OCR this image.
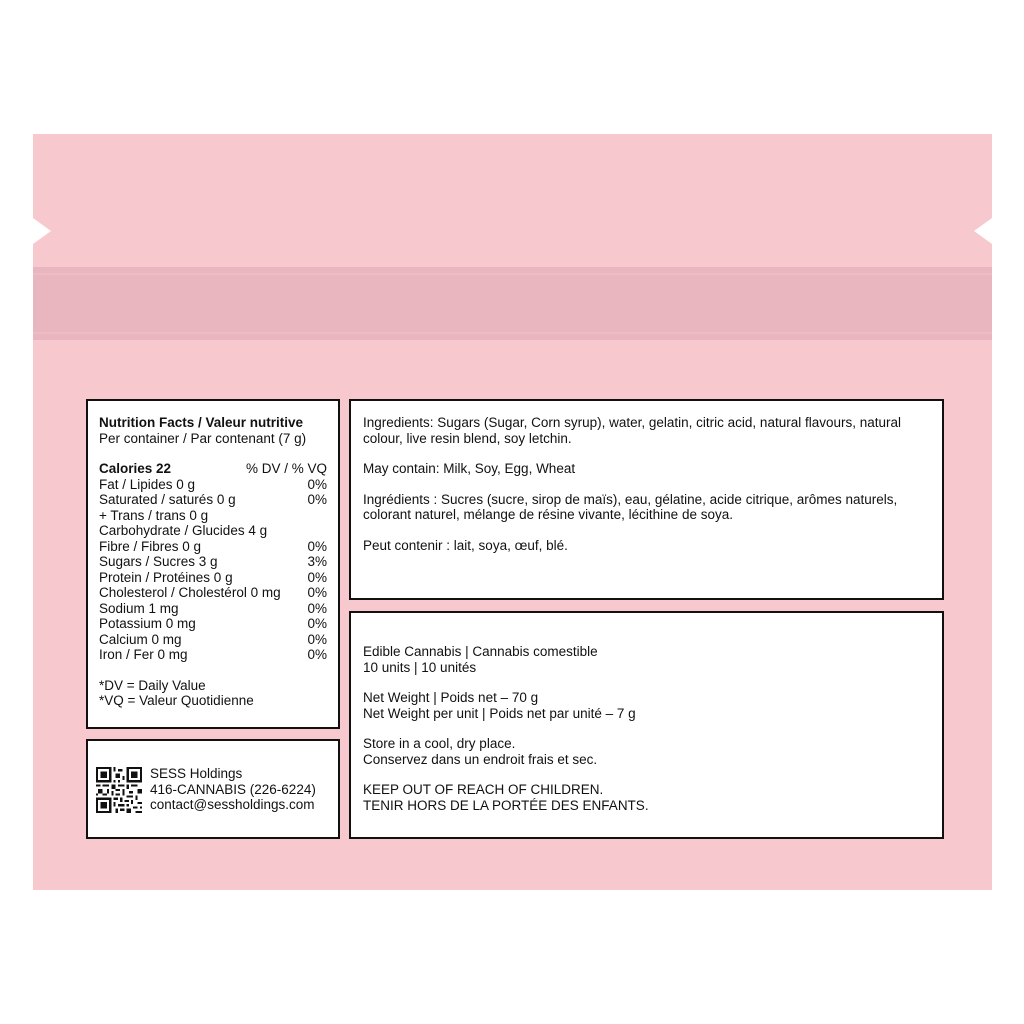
Nutrition Facts / Valeur nutritive
Per container / Par contenant (7 g)
Calories 22	% DV / % VQ
Fat / Lipides 0 g	0%
Saturated / saturés 0 g	0%
+ Trans / trans 0 g
Carbohydrate / Glucides 4 g
Fibre / Fibres 0 g	0%
Sugars / Sucres 3 g	3%
Protein / Protéines 0 g	0%
Cholesterol / Cholestérol 0 mg 0%
Sodium 1 mg	0%
Potassium 0 mg	0%
Calcium 0 mg	0%
Iron / Fer 0 mg	0%
*DV = Daily Value
*VQ = Valeur Quotidienne
SESS Holdings
416-CANNABIS (226-6224)
contact@sessholdings.com
Ingredients: Sugars (Sugar, Corn syrup), water, gelatin, citric acid, natural flavours, natural
colour, live resin blend, soy letchin.
May contain: Milk, Soy, Egg, Wheat
Ingrédients : Sucres (sucre, sirop de maïs), eau, gélatine, acide citrique, arômes naturels,
colorant naturel, mélange de résine vivante, lécithine de soya.
Peut contenir : lait, soya, œuf, blé.
Edible Cannabis | Cannabis comestible
10 units | 10 unités
Net Weight | Poids net – 70 g
Net Weight per unit | Poids net par unité – 7 g
Store in a cool, dry place.
Conservez dans un endroit frais et sec.
KEEP OUT OF REACH OF CHILDREN.
TENIR HORS DE LA PORTÉE DES ENFANTS.
